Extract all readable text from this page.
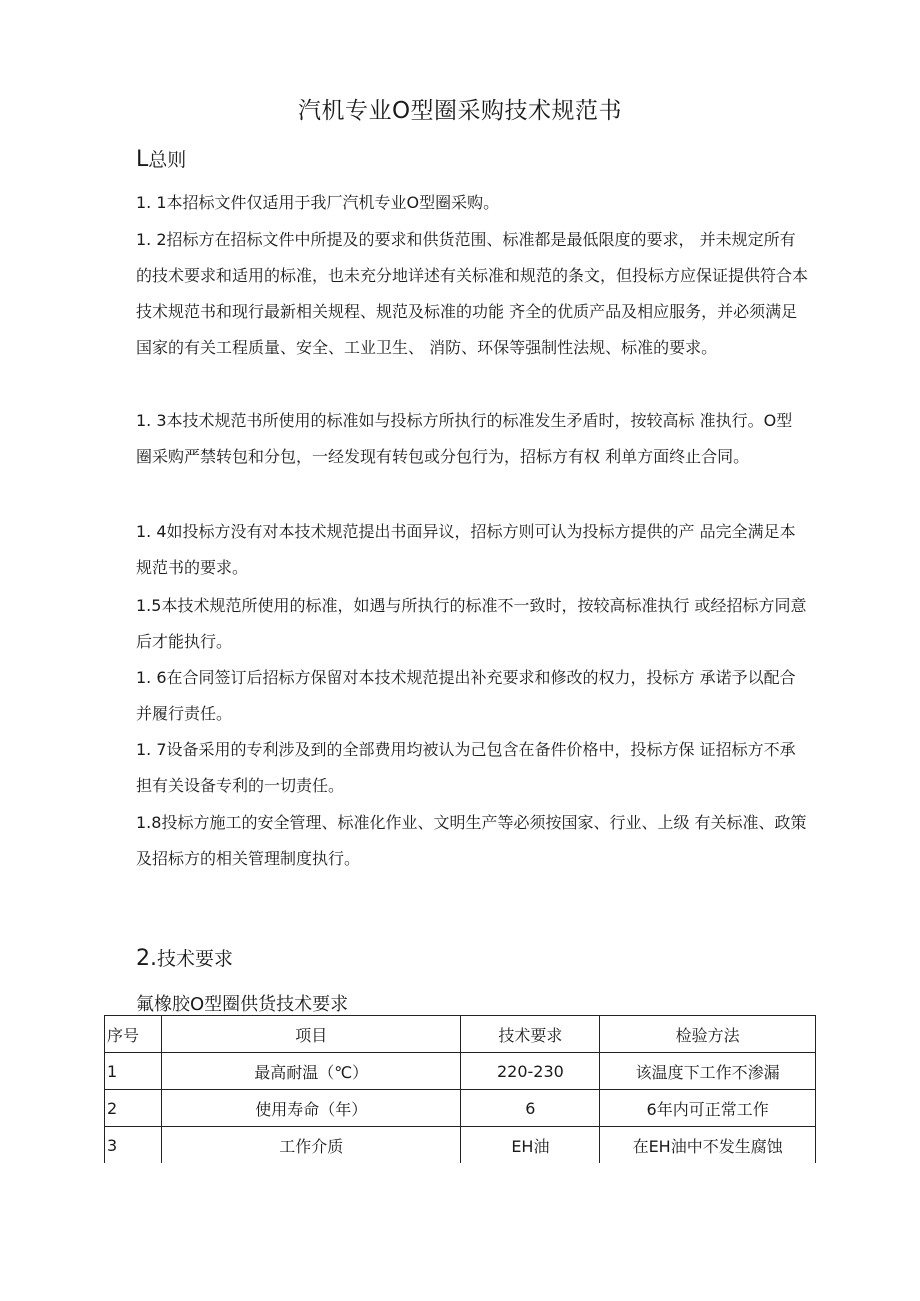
汽机专业O型圈采购技术规范书
L总则
1. 1本招标文件仅适用于我厂汽机专业O型圈采购。
1. 2招标方在招标文件中所提及的要求和供货范围、标准都是最低限度的要求， 并未规定所有的技术要求和适用的标准，也未充分地详述有关标准和规范的条文，但投标方应保证提供符合本技术规范书和现行最新相关规程、规范及标准的功能 齐全的优质产品及相应服务，并必须满足国家的有关工程质量、安全、工业卫生、 消防、环保等强制性法规、标准的要求。
1. 3本技术规范书所使用的标准如与投标方所执行的标准发生矛盾时，按较高标 准执行。O型圈采购严禁转包和分包，一经发现有转包或分包行为，招标方有权 利单方面终止合同。
1. 4如投标方没有对本技术规范提出书面异议，招标方则可认为投标方提供的产 品完全满足本规范书的要求。
1.5本技术规范所使用的标准，如遇与所执行的标准不一致时，按较高标准执行 或经招标方同意后才能执行。
1. 6在合同签订后招标方保留对本技术规范提出补充要求和修改的权力，投标方 承诺予以配合并履行责任。
1. 7设备采用的专利涉及到的全部费用均被认为己包含在备件价格中，投标方保 证招标方不承担有关设备专利的一切责任。
1.8投标方施工的安全管理、标准化作业、文明生产等必须按国家、行业、上级 有关标准、政策及招标方的相关管理制度执行。
2.技术要求
氟橡胶O型圈供货技术要求
序号	项目	技术要求	检验方法
1	最高耐温（℃）	220-230	该温度下工作不渗漏
2	使用寿命（年）	6	6年内可正常工作
3	工作介质	EH油	在EH油中不发生腐蚀
